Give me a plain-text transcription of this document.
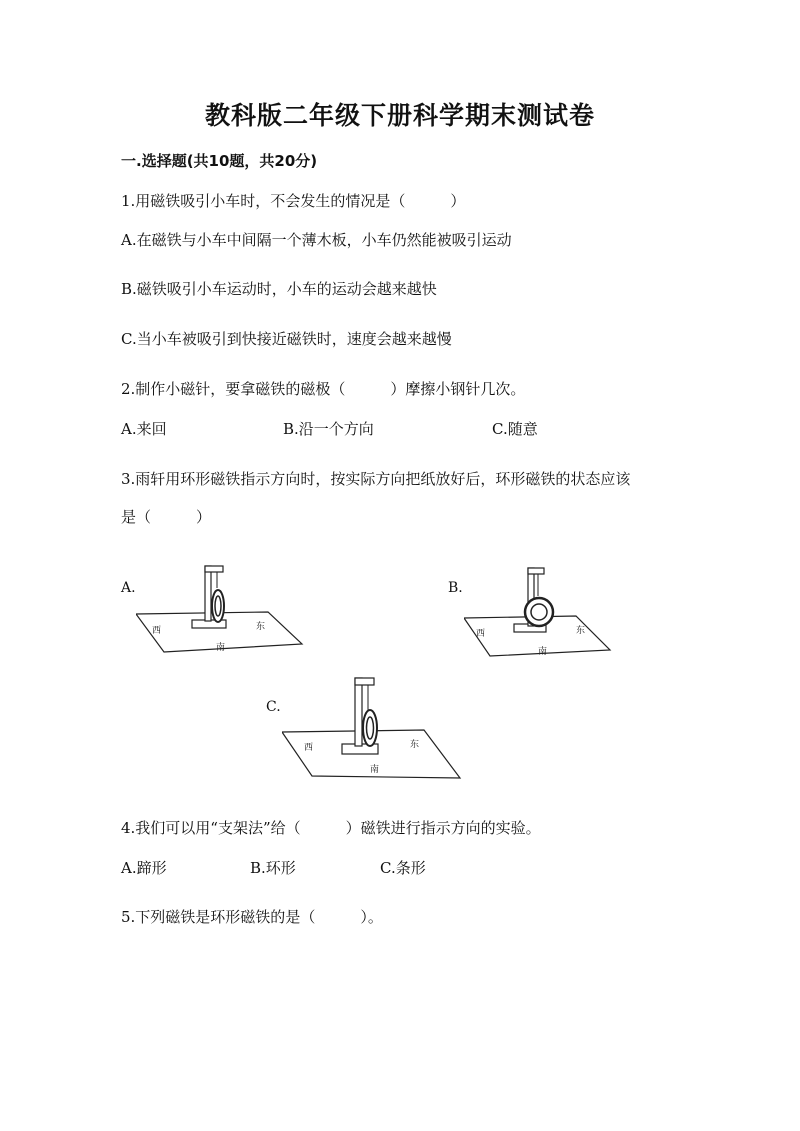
教科版二年级下册科学期末测试卷
一.选择题(共10题，共20分)
1.用磁铁吸引小车时，不会发生的情况是（　　　）
A.在磁铁与小车中间隔一个薄木板，小车仍然能被吸引运动
B.磁铁吸引小车运动时，小车的运动会越来越快
C.当小车被吸引到快接近磁铁时，速度会越来越慢
2.制作小磁针，要拿磁铁的磁极（　　　）摩擦小钢针几次。
A.来回	B.沿一个方向	C.随意
3.雨轩用环形磁铁指示方向时，按实际方向把纸放好后，环形磁铁的状态应该
是（　　　）
A.
西	东
南
B.
西	东
南
C.
西	东
南
4.我们可以用“支架法”给（　　　）磁铁进行指示方向的实验。
A.蹄形	B.环形	C.条形
5.下列磁铁是环形磁铁的是（　　　）。
